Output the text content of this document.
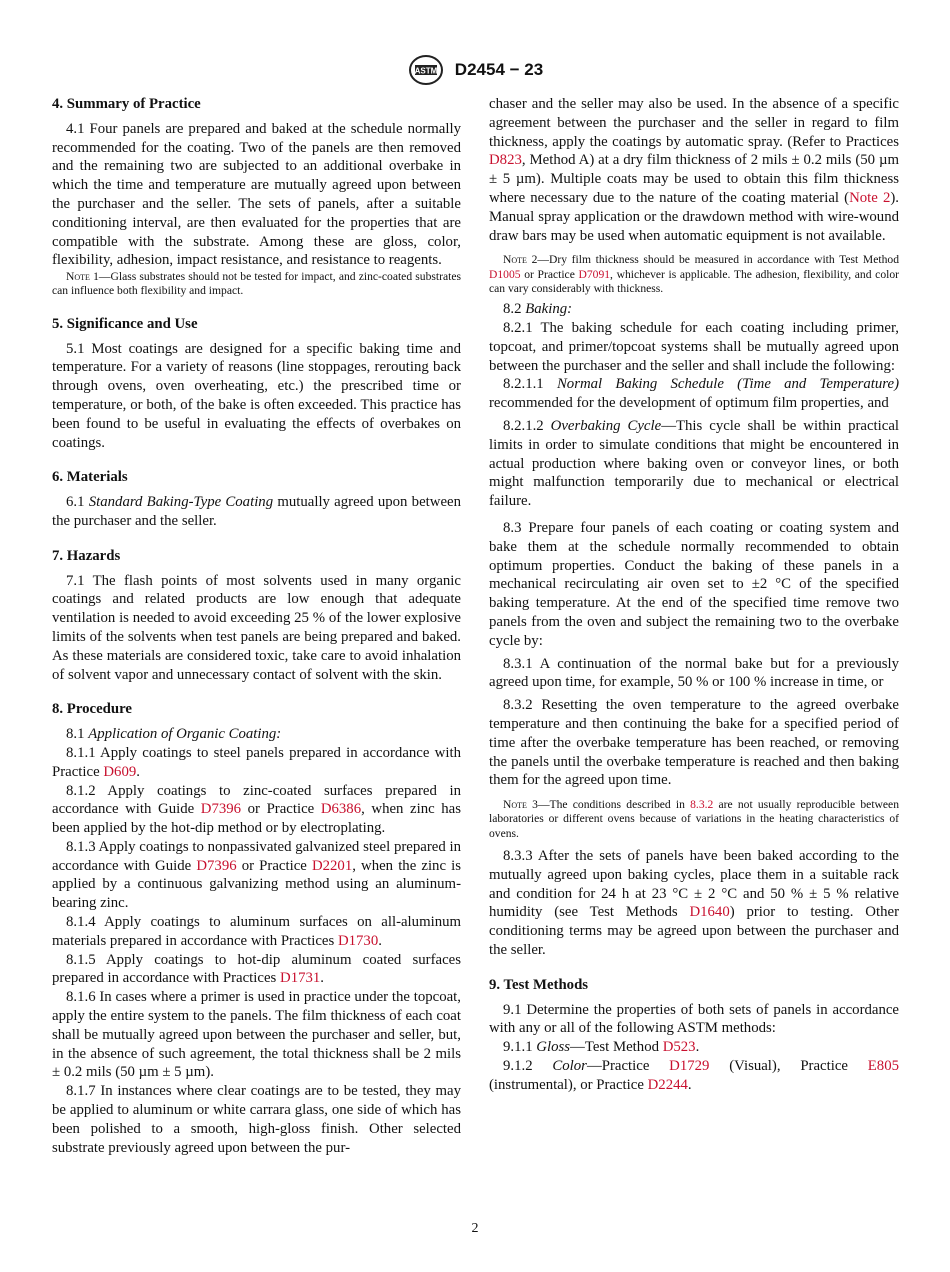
ASTM D2454 − 23
4. Summary of Practice

4.1 Four panels are prepared and baked at the schedule normally recommended for the coating. Two of the panels are then removed and the remaining two are subjected to an additional overbake in which the time and temperature are mutually agreed upon between the purchaser and the seller. The sets of panels, after a suitable conditioning interval, are then evaluated for the properties that are compatible with the substrate. Among these are gloss, color, flexibility, adhesion, impact resistance, and resistance to reagents.

Note 1—Glass substrates should not be tested for impact, and zinc-coated substrates can influence both flexibility and impact.

5. Significance and Use

5.1 Most coatings are designed for a specific baking time and temperature. For a variety of reasons (line stoppages, rerouting back through ovens, oven overheating, etc.) the prescribed time or temperature, or both, of the bake is often exceeded. This practice has been found to be useful in evaluating the effects of overbakes on coatings.

6. Materials

6.1 Standard Baking-Type Coating mutually agreed upon between the purchaser and the seller.

7. Hazards

7.1 The flash points of most solvents used in many organic coatings and related products are low enough that adequate ventilation is needed to avoid exceeding 25 % of the lower explosive limits of the solvents when test panels are being prepared and baked. As these materials are considered toxic, take care to avoid inhalation of solvent vapor and unnecessary contact of solvent with the skin.

8. Procedure

8.1 Application of Organic Coating:

8.1.1 Apply coatings to steel panels prepared in accordance with Practice D609.

8.1.2 Apply coatings to zinc-coated surfaces prepared in accordance with Guide D7396 or Practice D6386, when zinc has been applied by the hot-dip method or by electroplating.

8.1.3 Apply coatings to nonpassivated galvanized steel prepared in accordance with Guide D7396 or Practice D2201, when the zinc is applied by a continuous galvanizing method using an aluminum-bearing zinc.

8.1.4 Apply coatings to aluminum surfaces on all-aluminum materials prepared in accordance with Practices D1730.

8.1.5 Apply coatings to hot-dip aluminum coated surfaces prepared in accordance with Practices D1731.

8.1.6 In cases where a primer is used in practice under the topcoat, apply the entire system to the panels. The film thickness of each coat shall be mutually agreed upon between the purchaser and seller, but, in the absence of such agreement, the total thickness shall be 2 mils ± 0.2 mils (50 µm ± 5 µm).

8.1.7 In instances where clear coatings are to be tested, they may be applied to aluminum or white carrara glass, one side of which has been polished to a smooth, high-gloss finish. Other selected substrate previously agreed upon between the pur-

chaser and the seller may also be used. In the absence of a specific agreement between the purchaser and the seller in regard to film thickness, apply the coatings by automatic spray. (Refer to Practices D823, Method A) at a dry film thickness of 2 mils ± 0.2 mils (50 µm ± 5 µm). Multiple coats may be used to obtain this film thickness where necessary due to the nature of the coating material (Note 2). Manual spray application or the drawdown method with wire-wound draw bars may be used when automatic equipment is not available.

Note 2—Dry film thickness should be measured in accordance with Test Method D1005 or Practice D7091, whichever is applicable. The adhesion, flexibility, and color can vary considerably with thickness.

8.2 Baking:

8.2.1 The baking schedule for each coating including primer, topcoat, and primer/topcoat systems shall be mutually agreed upon between the purchaser and the seller and shall include the following:

8.2.1.1 Normal Baking Schedule (Time and Temperature) recommended for the development of optimum film properties, and

8.2.1.2 Overbaking Cycle—This cycle shall be within practical limits in order to simulate conditions that might be encountered in actual production where baking oven or conveyor lines, or both might malfunction temporarily due to mechanical or electrical failure.

8.3 Prepare four panels of each coating or coating system and bake them at the schedule normally recommended to obtain optimum properties. Conduct the baking of these panels in a mechanical recirculating air oven set to ±2 °C of the specified baking temperature. At the end of the specified time remove two panels from the oven and subject the remaining two to the overbake cycle by:

8.3.1 A continuation of the normal bake but for a previously agreed upon time, for example, 50 % or 100 % increase in time, or

8.3.2 Resetting the oven temperature to the agreed overbake temperature and then continuing the bake for a specified period of time after the overbake temperature has been reached, or removing the panels until the overbake temperature is reached and then baking them for the agreed upon time.

Note 3—The conditions described in 8.3.2 are not usually reproducible between laboratories or different ovens because of variations in the heating characteristics of ovens.

8.3.3 After the sets of panels have been baked according to the mutually agreed upon baking cycles, place them in a suitable rack and condition for 24 h at 23 °C ± 2 °C and 50 % ± 5 % relative humidity (see Test Methods D1640) prior to testing. Other conditioning terms may be agreed upon between the purchaser and the seller.

9. Test Methods

9.1 Determine the properties of both sets of panels in accordance with any or all of the following ASTM methods:

9.1.1 Gloss—Test Method D523.

9.1.2 Color—Practice D1729 (Visual), Practice E805 (instrumental), or Practice D2244.

2
